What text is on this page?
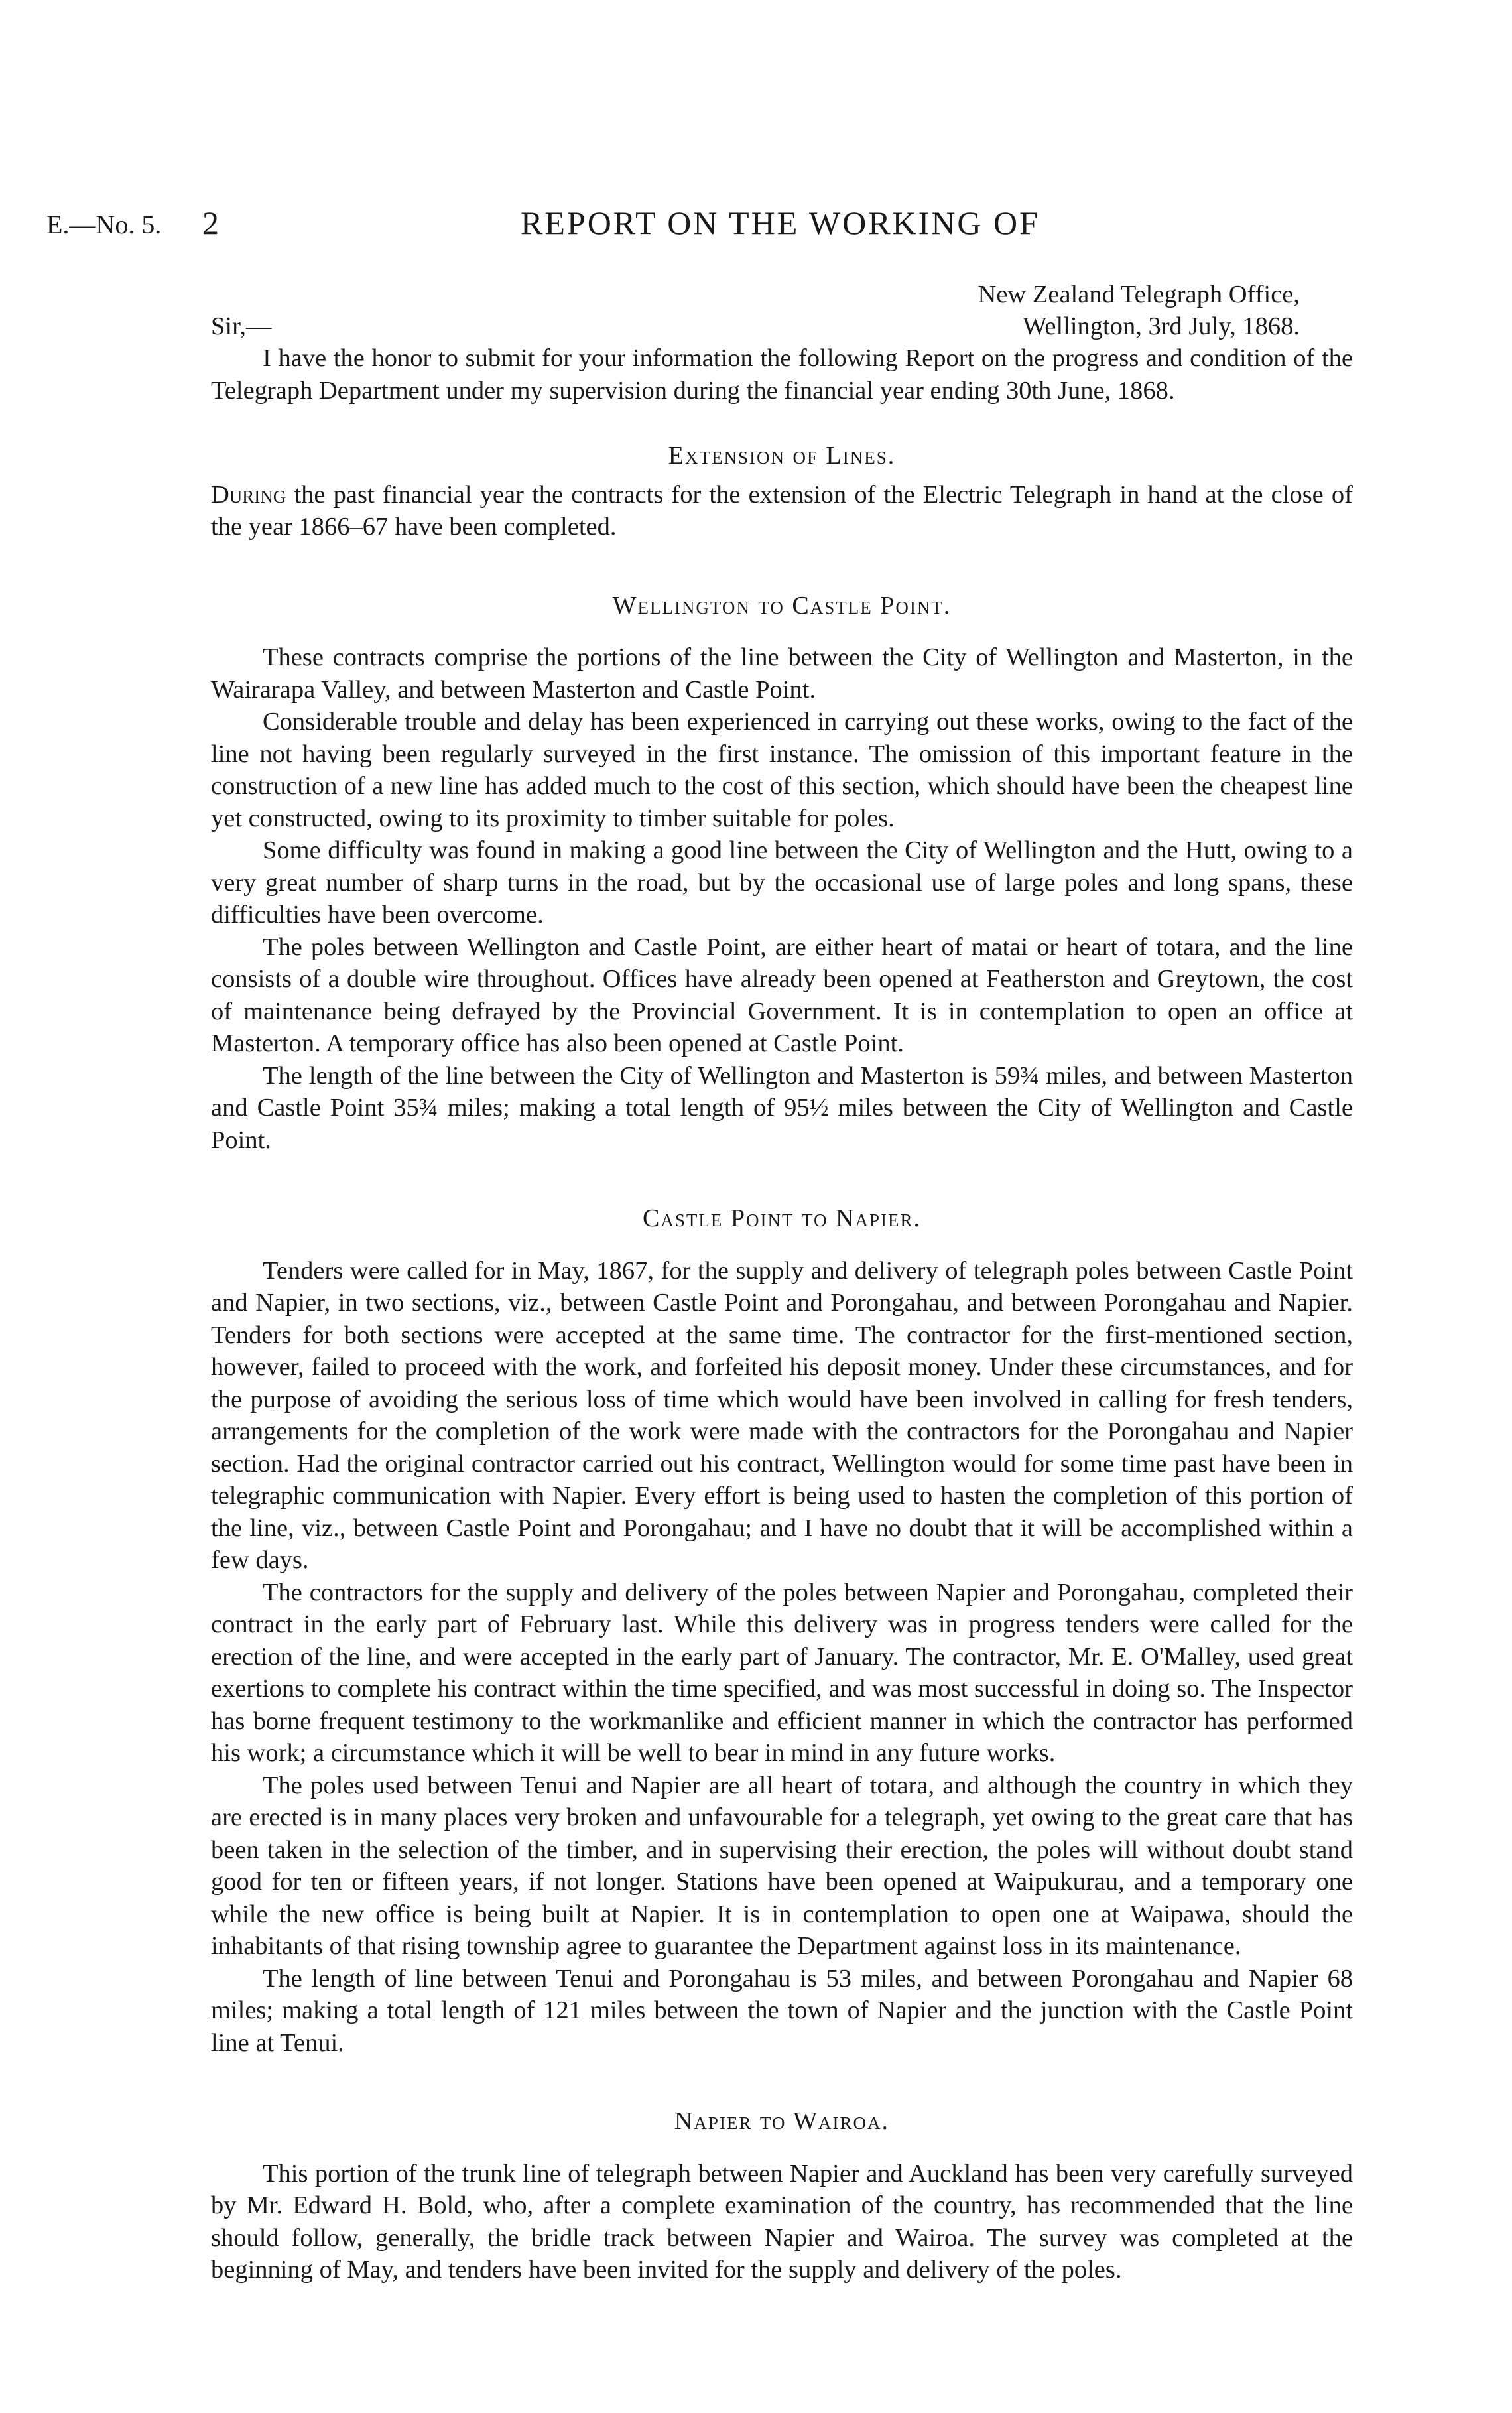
E.—No. 5. 2	REPORT ON THE WORKING OF
New Zealand Telegraph Office,
Wellington, 3rd July, 1868.
Sir,—

I have the honor to submit for your information the following Report on the progress and condition of the Telegraph Department under my supervision during the financial year ending 30th June, 1868.

Extension of Lines.

During the past financial year the contracts for the extension of the Electric Telegraph in hand at the close of the year 1866–67 have been completed.

Wellington to Castle Point.

These contracts comprise the portions of the line between the City of Wellington and Masterton, in the Wairarapa Valley, and between Masterton and Castle Point.

Considerable trouble and delay has been experienced in carrying out these works, owing to the fact of the line not having been regularly surveyed in the first instance. The omission of this important feature in the construction of a new line has added much to the cost of this section, which should have been the cheapest line yet constructed, owing to its proximity to timber suitable for poles.

Some difficulty was found in making a good line between the City of Wellington and the Hutt, owing to a very great number of sharp turns in the road, but by the occasional use of large poles and long spans, these difficulties have been overcome.

The poles between Wellington and Castle Point, are either heart of matai or heart of totara, and the line consists of a double wire throughout. Offices have already been opened at Featherston and Greytown, the cost of maintenance being defrayed by the Provincial Government. It is in contemplation to open an office at Masterton. A temporary office has also been opened at Castle Point.

The length of the line between the City of Wellington and Masterton is 59¾ miles, and between Masterton and Castle Point 35¾ miles; making a total length of 95½ miles between the City of Wellington and Castle Point.

Castle Point to Napier.

Tenders were called for in May, 1867, for the supply and delivery of telegraph poles between Castle Point and Napier, in two sections, viz., between Castle Point and Porongahau, and between Porongahau and Napier. Tenders for both sections were accepted at the same time. The contractor for the first-mentioned section, however, failed to proceed with the work, and forfeited his deposit money. Under these circumstances, and for the purpose of avoiding the serious loss of time which would have been involved in calling for fresh tenders, arrangements for the completion of the work were made with the contractors for the Porongahau and Napier section. Had the original contractor carried out his contract, Wellington would for some time past have been in telegraphic communication with Napier. Every effort is being used to hasten the completion of this portion of the line, viz., between Castle Point and Porongahau; and I have no doubt that it will be accomplished within a few days.

The contractors for the supply and delivery of the poles between Napier and Porongahau, completed their contract in the early part of February last. While this delivery was in progress tenders were called for the erection of the line, and were accepted in the early part of January. The contractor, Mr. E. O'Malley, used great exertions to complete his contract within the time specified, and was most successful in doing so. The Inspector has borne frequent testimony to the workmanlike and efficient manner in which the contractor has performed his work; a circumstance which it will be well to bear in mind in any future works.

The poles used between Tenui and Napier are all heart of totara, and although the country in which they are erected is in many places very broken and unfavourable for a telegraph, yet owing to the great care that has been taken in the selection of the timber, and in supervising their erection, the poles will without doubt stand good for ten or fifteen years, if not longer. Stations have been opened at Waipukurau, and a temporary one while the new office is being built at Napier. It is in contemplation to open one at Waipawa, should the inhabitants of that rising township agree to guarantee the Department against loss in its maintenance.

The length of line between Tenui and Porongahau is 53 miles, and between Porongahau and Napier 68 miles; making a total length of 121 miles between the town of Napier and the junction with the Castle Point line at Tenui.

Napier to Wairoa.

This portion of the trunk line of telegraph between Napier and Auckland has been very carefully surveyed by Mr. Edward H. Bold, who, after a complete examination of the country, has recommended that the line should follow, generally, the bridle track between Napier and Wairoa. The survey was completed at the beginning of May, and tenders have been invited for the supply and delivery of the poles.
